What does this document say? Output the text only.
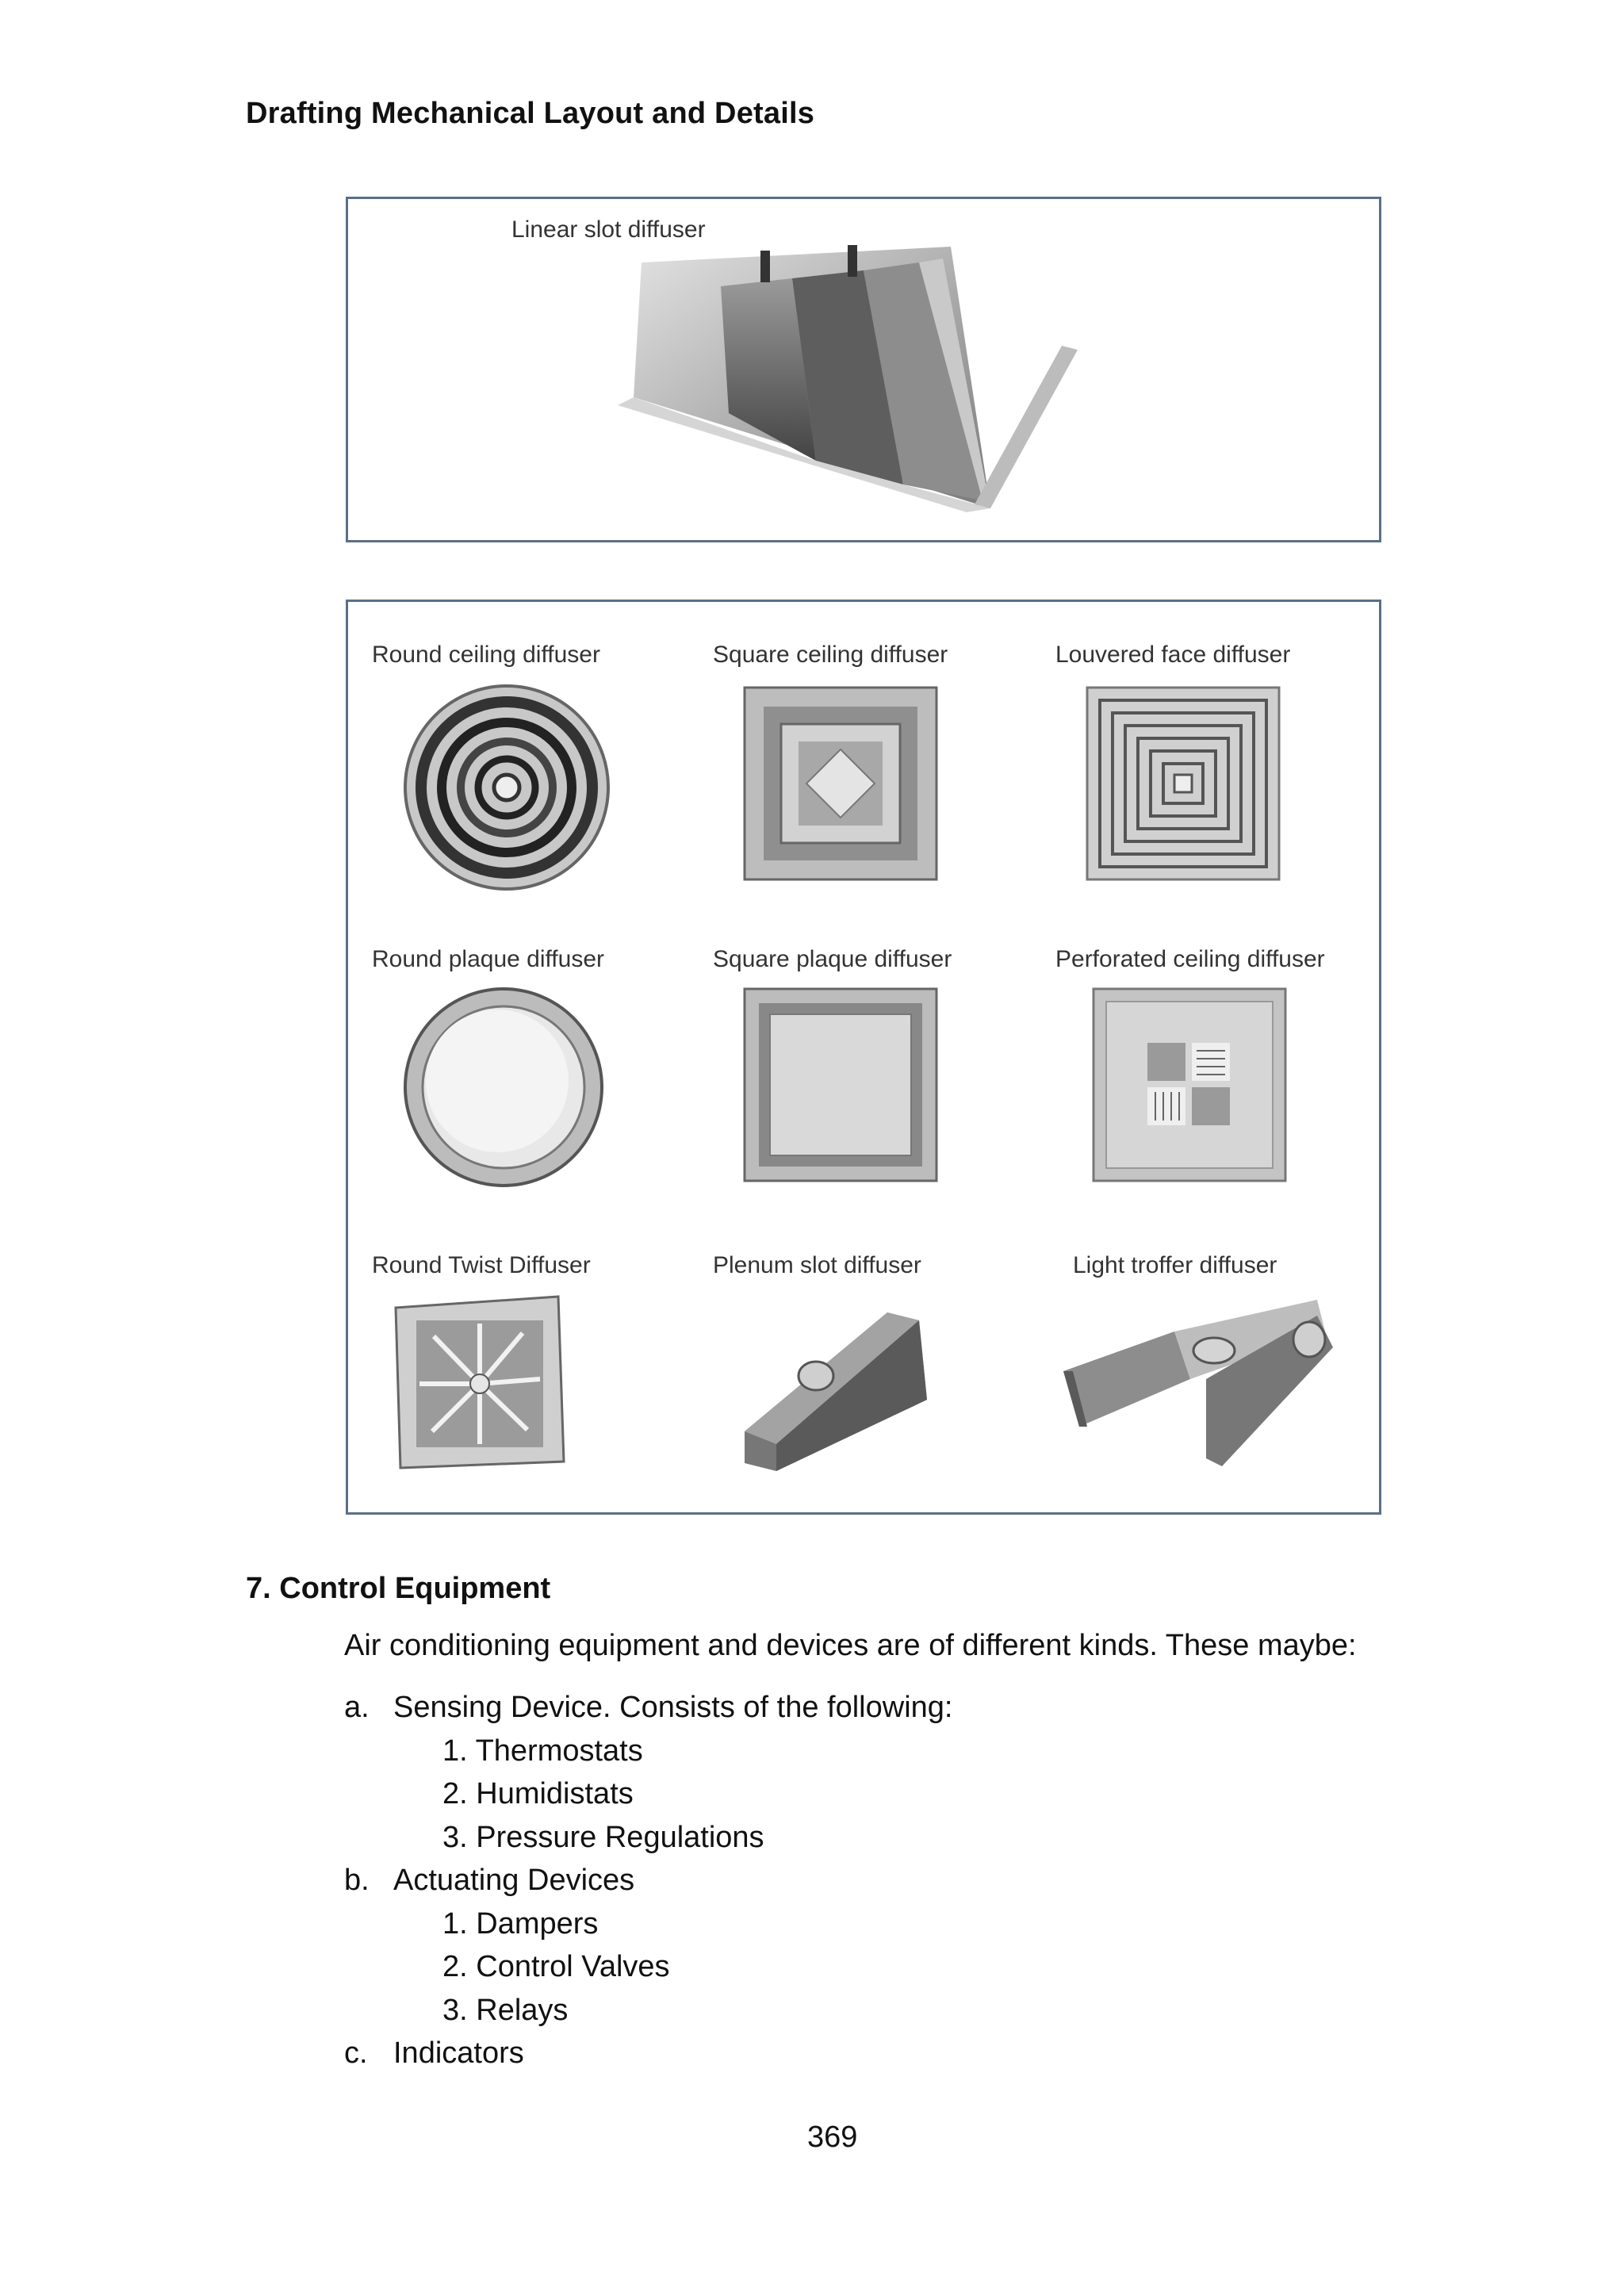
Drafting Mechanical Layout and Details
Linear slot diffuser
Round ceiling diffuser	Square ceiling diffuser	Louvered face diffuser
Round plaque diffuser	Square plaque diffuser	Perforated ceiling diffuser
Round Twist Diffuser	Plenum slot diffuser	Light troffer diffuser
7. Control Equipment
Air conditioning equipment and devices are of different kinds. These maybe:
a. Sensing Device. Consists of the following:
1. Thermostats
2. Humidistats
3. Pressure Regulations
b. Actuating Devices
1. Dampers
2. Control Valves
3. Relays
c. Indicators
369
